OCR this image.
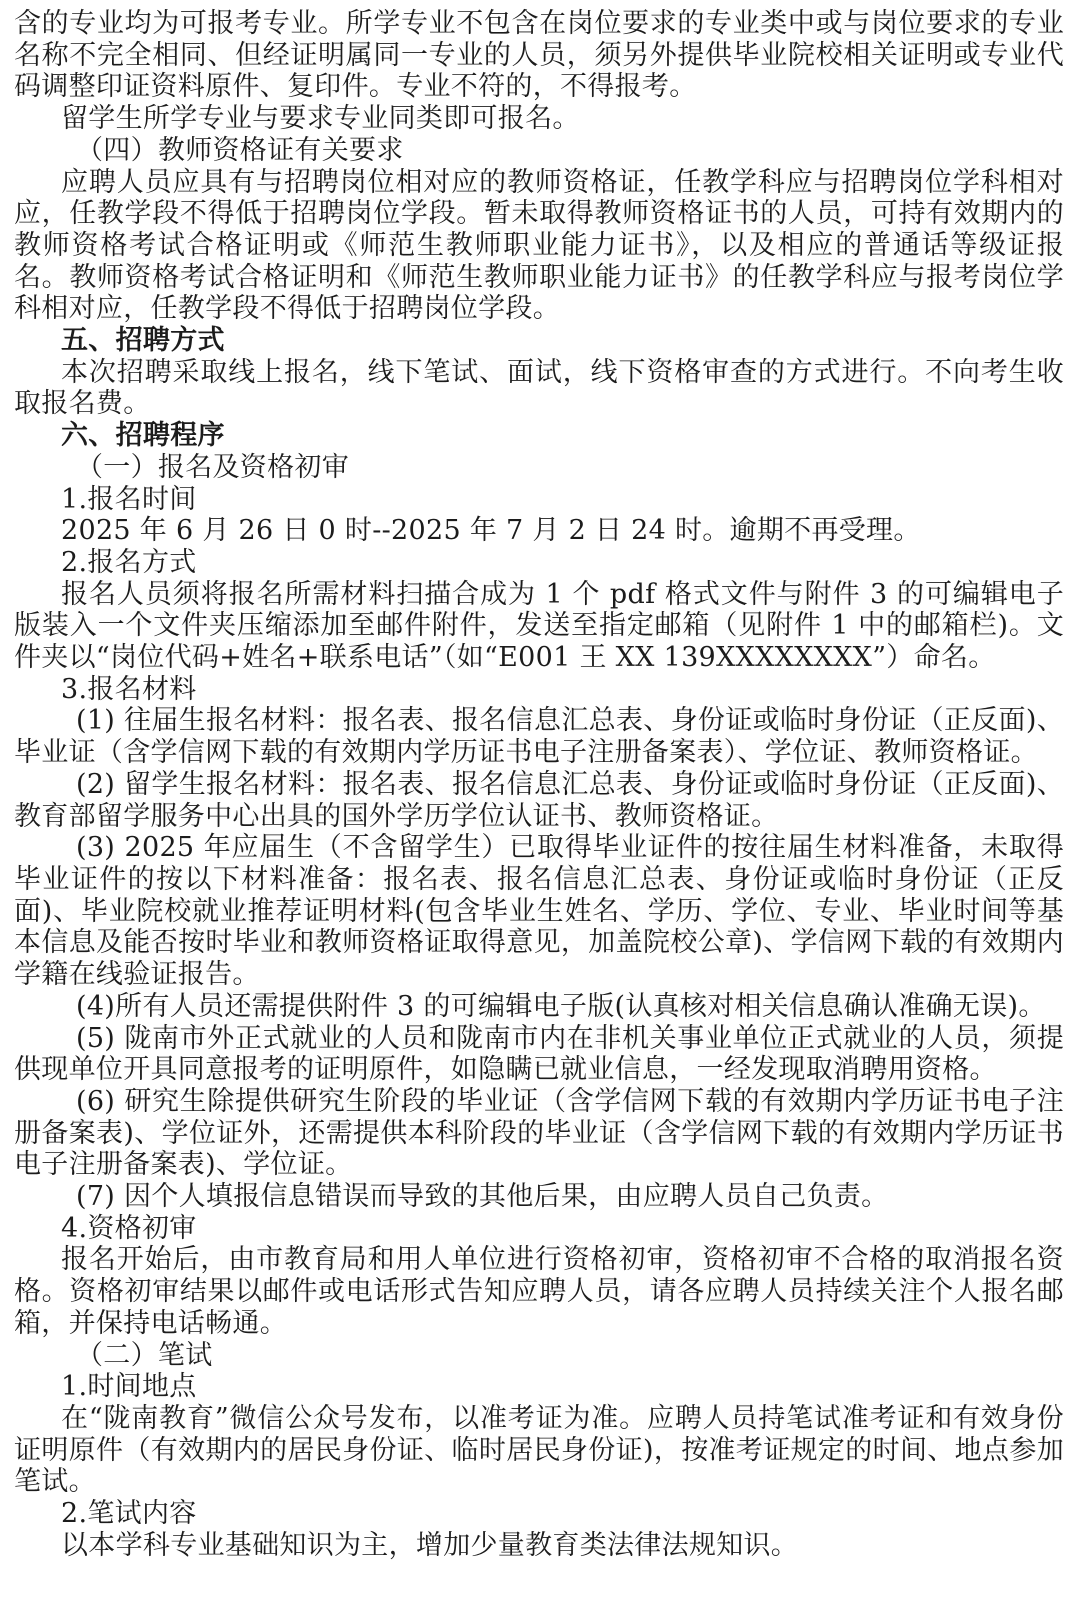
含的专业均为可报考专业。所学专业不包含在岗位要求的专业类中或与岗位要求的专业名称不完全相同、但经证明属同一专业的人员，须另外提供毕业院校相关证明或专业代码调整印证资料原件、复印件。专业不符的，不得报考。

留学生所学专业与要求专业同类即可报名。

（四）教师资格证有关要求

应聘人员应具有与招聘岗位相对应的教师资格证，任教学科应与招聘岗位学科相对应，任教学段不得低于招聘岗位学段。暂未取得教师资格证书的人员，可持有效期内的教师资格考试合格证明或《师范生教师职业能力证书》，以及相应的普通话等级证报名。教师资格考试合格证明和《师范生教师职业能力证书》的任教学科应与报考岗位学科相对应，任教学段不得低于招聘岗位学段。

五、招聘方式

本次招聘采取线上报名，线下笔试、面试，线下资格审查的方式进行。不向考生收取报名费。

六、招聘程序

（一）报名及资格初审

1.报名时间

2025 年 6 月 26 日 0 时--2025 年 7 月 2 日 24 时。逾期不再受理。

2.报名方式

报名人员须将报名所需材料扫描合成为 1 个 pdf 格式文件与附件 3 的可编辑电子版装入一个文件夹压缩添加至邮件附件，发送至指定邮箱（见附件 1 中的邮箱栏)。文件夹以“岗位代码+姓名+联系电话”（如“E001 王 XX 139XXXXXXXX”）命名。

3.报名材料

(1) 往届生报名材料：报名表、报名信息汇总表、身份证或临时身份证（正反面)、毕业证（含学信网下载的有效期内学历证书电子注册备案表）、学位证、教师资格证。

(2) 留学生报名材料：报名表、报名信息汇总表、身份证或临时身份证（正反面)、教育部留学服务中心出具的国外学历学位认证书、教师资格证。

(3) 2025 年应届生（不含留学生）已取得毕业证件的按往届生材料准备，未取得毕业证件的按以下材料准备：报名表、报名信息汇总表、身份证或临时身份证（正反面)、毕业院校就业推荐证明材料(包含毕业生姓名、学历、学位、专业、毕业时间等基本信息及能否按时毕业和教师资格证取得意见，加盖院校公章)、学信网下载的有效期内学籍在线验证报告。

(4)所有人员还需提供附件 3 的可编辑电子版(认真核对相关信息确认准确无误)。

(5) 陇南市外正式就业的人员和陇南市内在非机关事业单位正式就业的人员，须提供现单位开具同意报考的证明原件，如隐瞒已就业信息，一经发现取消聘用资格。

(6) 研究生除提供研究生阶段的毕业证（含学信网下载的有效期内学历证书电子注册备案表)、学位证外，还需提供本科阶段的毕业证（含学信网下载的有效期内学历证书电子注册备案表)、学位证。

(7) 因个人填报信息错误而导致的其他后果，由应聘人员自己负责。

4.资格初审

报名开始后，由市教育局和用人单位进行资格初审，资格初审不合格的取消报名资格。资格初审结果以邮件或电话形式告知应聘人员，请各应聘人员持续关注个人报名邮箱，并保持电话畅通。

（二）笔试

1.时间地点

在“陇南教育”微信公众号发布，以准考证为准。应聘人员持笔试准考证和有效身份证明原件（有效期内的居民身份证、临时居民身份证)，按准考证规定的时间、地点参加笔试。

2.笔试内容

以本学科专业基础知识为主，增加少量教育类法律法规知识。
